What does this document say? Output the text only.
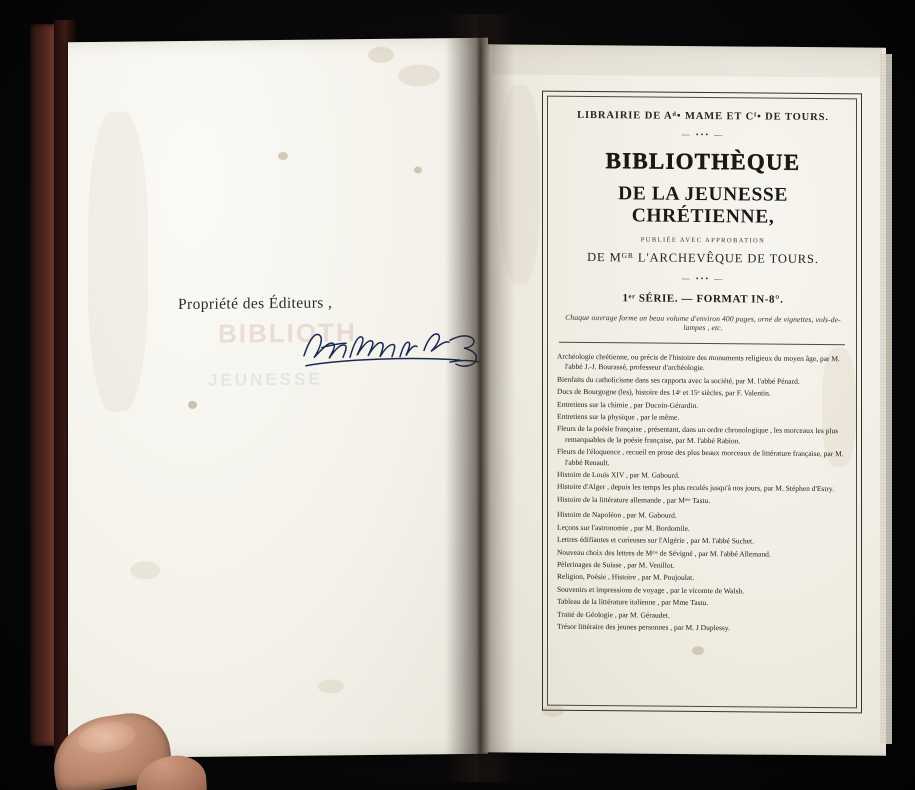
BIBLIOTH
JEUNESSE
Propriété des Éditeurs ,
LIBRAIRIE DE Aᵈ• MAME ET Cᶠ• DE TOURS.
— ••• —
BIBLIOTHÈQUE
DE LA JEUNESSE CHRÉTIENNE,
PUBLIÉE AVEC APPROBATION
DE Mᴳᴿ L'ARCHEVÊQUE DE TOURS.
— ••• —
1ᵉʳ SÉRIE. — FORMAT IN-8°.
Chaque ouvrage forme un beau volume d'environ 400 pages, orné de vignettes, vols-de-lampes , etc.
Archéologie chrétienne, ou précis de l'histoire des monuments religieux du moyen âge, par M. l'abbé J.-J. Bourassé, professeur d'archéologie.
Bienfaits du catholicisme dans ses rapports avec la société, par M. l'abbé Pénard.
Ducs de Bourgogne (les), histoire des 14ᵉ et 15ᵉ siècles, par F. Valentin.
Entretiens sur la chimie , par Ducoin-Gérardin.
Entretiens sur la physique , par le même.
Fleurs de la poésie française , présentant, dans un ordre chronologique , les morceaux les plus remarquables de la poésie française, par M. l'abbé Rabion.
Fleurs de l'éloquence , recueil en prose des plus beaux morceaux de littérature française, par M. l'abbé Renault.
Histoire de Louis XIV , par M. Gabourd.
Histoire d'Alger , depuis les temps les plus reculés jusqu'à nos jours, par M. Stéphen d'Estry.
Histoire de la littérature allemande , par Mᵐᵉ Tastu.
Histoire de Napoléon , par M. Gabourd.
Leçons sur l'astronomie , par M. Bordomile.
Lettres édifiantes et curieuses sur l'Algérie , par M. l'abbé Suchet.
Nouveau choix des lettres de Mᵐᵉ de Sévigné , par M. l'abbé Allemand.
Pèlerinages de Suisse , par M. Venillot.
Religion, Poésie , Histoire , par M. Poujoulat.
Souvenirs et impressions de voyage , par le vicomte de Walsh.
Tableau de la littérature italienne , par Mme Tastu.
Traité de Géologie , par M. Géraudet.
Trésor littéraire des jeunes personnes , par M. J Duplessy.
